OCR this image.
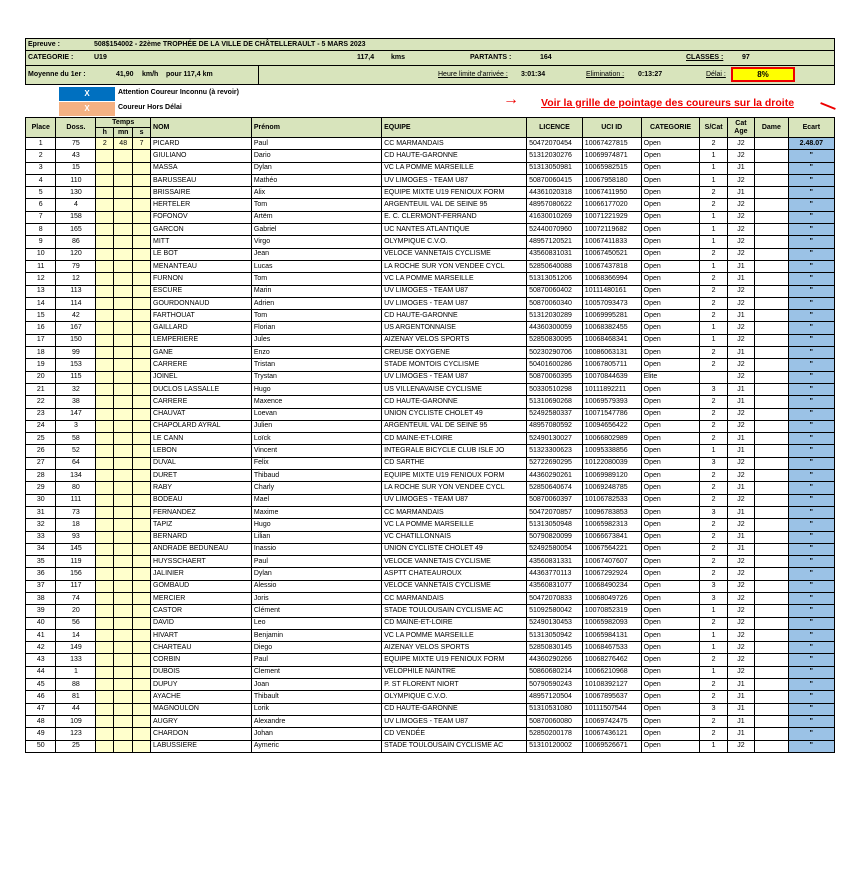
Epreuve :	508$154002 - 22ème TROPHÉE DE LA VILLE DE CHÂTELLERAULT - 5 MARS 2023
CATEGORIE :	U19	117,4 kms	PARTANTS :	164	CLASSES :	97
Moyenne du 1er :	41,90 km/h pour 117,4 km	Heure limite d'arrivée : 3:01:34	Elimination : 0:13:27	Délai :	8%
X	Attention Coureur Inconnu (à revoir)
X	Coureur Hors Délai	→ Voir la grille de pointage des coureurs sur la droite
Place	Doss.	Temps			NOM	Prénom	EQUIPE	LICENCE	UCI ID	CATEGORIE	S/Cat	Cat Age	Dame	Ecart
		h	mn	s										
1	75	2	48	7	PICARD	Paul	CC MARMANDAIS	50472070454	10067427815	Open	2	J2		2.48.07
2	43				GIULIANO	Dario	CD HAUTE-GARONNE	51312030276	10069974871	Open	1	J2		"
3	15				MASSA	Dylan	VC LA POMME MARSEILLE	51313050981	10065982515	Open	1	J1		"
4	110				BARUSSEAU	Mathéo	UV LIMOGES - TEAM U87	50870060415	10067958180	Open	1	J2		"
5	130				BRISSAIRE	Alix	EQUIPE MIXTE U19 FENIOUX FORM	44361020318	10067411950	Open	2	J1		"
6	4				HERTELER	Tom	ARGENTEUIL VAL DE SEINE 95	48957080622	10066177020	Open	2	J2		"
7	158				FOFONOV	Artëm	E. C. CLERMONT-FERRAND	41630010269	10071221929	Open	1	J2		"
8	165				GARCON	Gabriel	UC NANTES ATLANTIQUE	52440070960	10072119682	Open	1	J2		"
9	86				MITT	Virgo	OLYMPIQUE C.V.O.	48957120521	10067411833	Open	1	J2		"
10	120				LE BOT	Jean	VELOCE VANNETAIS CYCLISME	43560831031	10067450521	Open	2	J2		"
11	79				MENANTEAU	Lucas	LA ROCHE SUR YON VENDEE CYCL	52850640088	10067437818	Open	1	J1		"
12	12				FURNON	Tom	VC LA POMME MARSEILLE	51313051206	10068366994	Open	2	J1		"
13	113				ESCURE	Marin	UV LIMOGES - TEAM U87	50870060402	10111480161	Open	2	J2		"
14	114				GOURDONNAUD	Adrien	UV LIMOGES - TEAM U87	50870060340	10057093473	Open	2	J2		"
15	42				FARTHOUAT	Tom	CD HAUTE-GARONNE	51312030289	10069995281	Open	2	J1		"
16	167				GAILLARD	Florian	US ARGENTONNAISE	44360300059	10068382455	Open	1	J2		"
17	150				LEMPERIERE	Jules	AIZENAY VELOS SPORTS	52850830095	10068468341	Open	1	J2		"
18	99				GANE	Enzo	CREUSE OXYGENE	50230290706	10086063131	Open	2	J1		"
19	153				CARRERE	Tristan	STADE MONTOIS CYCLISME	50401600286	10067805711	Open	2	J2		"
20	115				JOINEL	Trystan	UV LIMOGES - TEAM U87	50870060395	10070844639	Elite		J2		"
21	32				DUCLOS LASSALLE	Hugo	US VILLENAVAISE CYCLISME	50330510298	10111892211	Open	3	J1		"
22	38				CARRERE	Maxence	CD HAUTE-GARONNE	51310690268	10069579393	Open	2	J1		"
23	147				CHAUVAT	Loevan	UNION CYCLISTE CHOLET 49	52492580337	10071547786	Open	2	J2		"
24	3				CHAPOLARD AYRAL	Julien	ARGENTEUIL VAL DE SEINE 95	48957080592	10094656422	Open	2	J2		"
25	58				LE CANN	Loïck	CD MAINE-ET-LOIRE	52490130027	10066802989	Open	2	J1		"
26	52				LEBON	Vincent	INTEGRALE BICYCLE CLUB ISLE JO	51323300623	10095338856	Open	1	J1		"
27	64				DUVAL	Felix	CD SARTHE	52722690295	10122080039	Open	3	J2		"
28	134				DURET	Thibaud	EQUIPE MIXTE U19 FENIOUX FORM	44360290261	10069989120	Open	2	J2		"
29	80				RABY	Charly	LA ROCHE SUR YON VENDEE CYCL	52850640674	10069248785	Open	2	J1		"
30	111				BODEAU	Mael	UV LIMOGES - TEAM U87	50870060397	10106782533	Open	2	J2		"
31	73				FERNANDEZ	Maxime	CC MARMANDAIS	50472070857	10096783853	Open	3	J1		"
32	18				TAPIZ	Hugo	VC LA POMME MARSEILLE	51313050948	10065982313	Open	2	J2		"
33	93				BERNARD	Lilian	VC CHATILLONNAIS	50790820099	10066673841	Open	2	J1		"
34	145				ANDRADE BEDUNEAU	Inassio	UNION CYCLISTE CHOLET 49	52492580054	10067564221	Open	2	J1		"
35	119				HUYSSCHAERT	Paul	VELOCE VANNETAIS CYCLISME	43560831331	10067407607	Open	2	J2		"
36	156				JALINIER	Dylan	ASPTT CHATEAUROUX	44363770113	10067292924	Open	2	J2		"
37	117				GOMBAUD	Alessio	VELOCE VANNETAIS CYCLISME	43560831077	10068490234	Open	3	J2		"
38	74				MERCIER	Joris	CC MARMANDAIS	50472070833	10068049726	Open	3	J2		"
39	20				CASTOR	Clément	STADE TOULOUSAIN CYCLISME AC	51092580042	10070852319	Open	1	J2		"
40	56				DAVID	Leo	CD MAINE-ET-LOIRE	52490130453	10065982093	Open	2	J2		"
41	14				HIVART	Benjamin	VC LA POMME MARSEILLE	51313050942	10065984131	Open	1	J2		"
42	149				CHARTEAU	Diego	AIZENAY VELOS SPORTS	52850830145	10068467533	Open	1	J2		"
43	133				CORBIN	Paul	EQUIPE MIXTE U19 FENIOUX FORM	44360290266	10068276462	Open	2	J2		"
44	1				DUBOIS	Clement	VELOPHILE NAINTRE	50860680214	10066210968	Open	1	J2		"
45	88				DUPUY	Joan	P. ST FLORENT NIORT	50790590243	10108392127	Open	2	J1		"
46	81				AYACHE	Thibault	OLYMPIQUE C.V.O.	48957120504	10067895637	Open	2	J1		"
47	44				MAGNOULON	Lorik	CD HAUTE-GARONNE	51310531080	10111507544	Open	3	J1		"
48	109				AUGRY	Alexandre	UV LIMOGES - TEAM U87	50870060080	10069742475	Open	2	J1		"
49	123				CHARDON	Johan	CD VENDÉE	52850200178	10067436121	Open	2	J1		"
50	25				LABUSSIERE	Aymeric	STADE TOULOUSAIN CYCLISME AC	51310120002	10069526671	Open	1	J2		"
